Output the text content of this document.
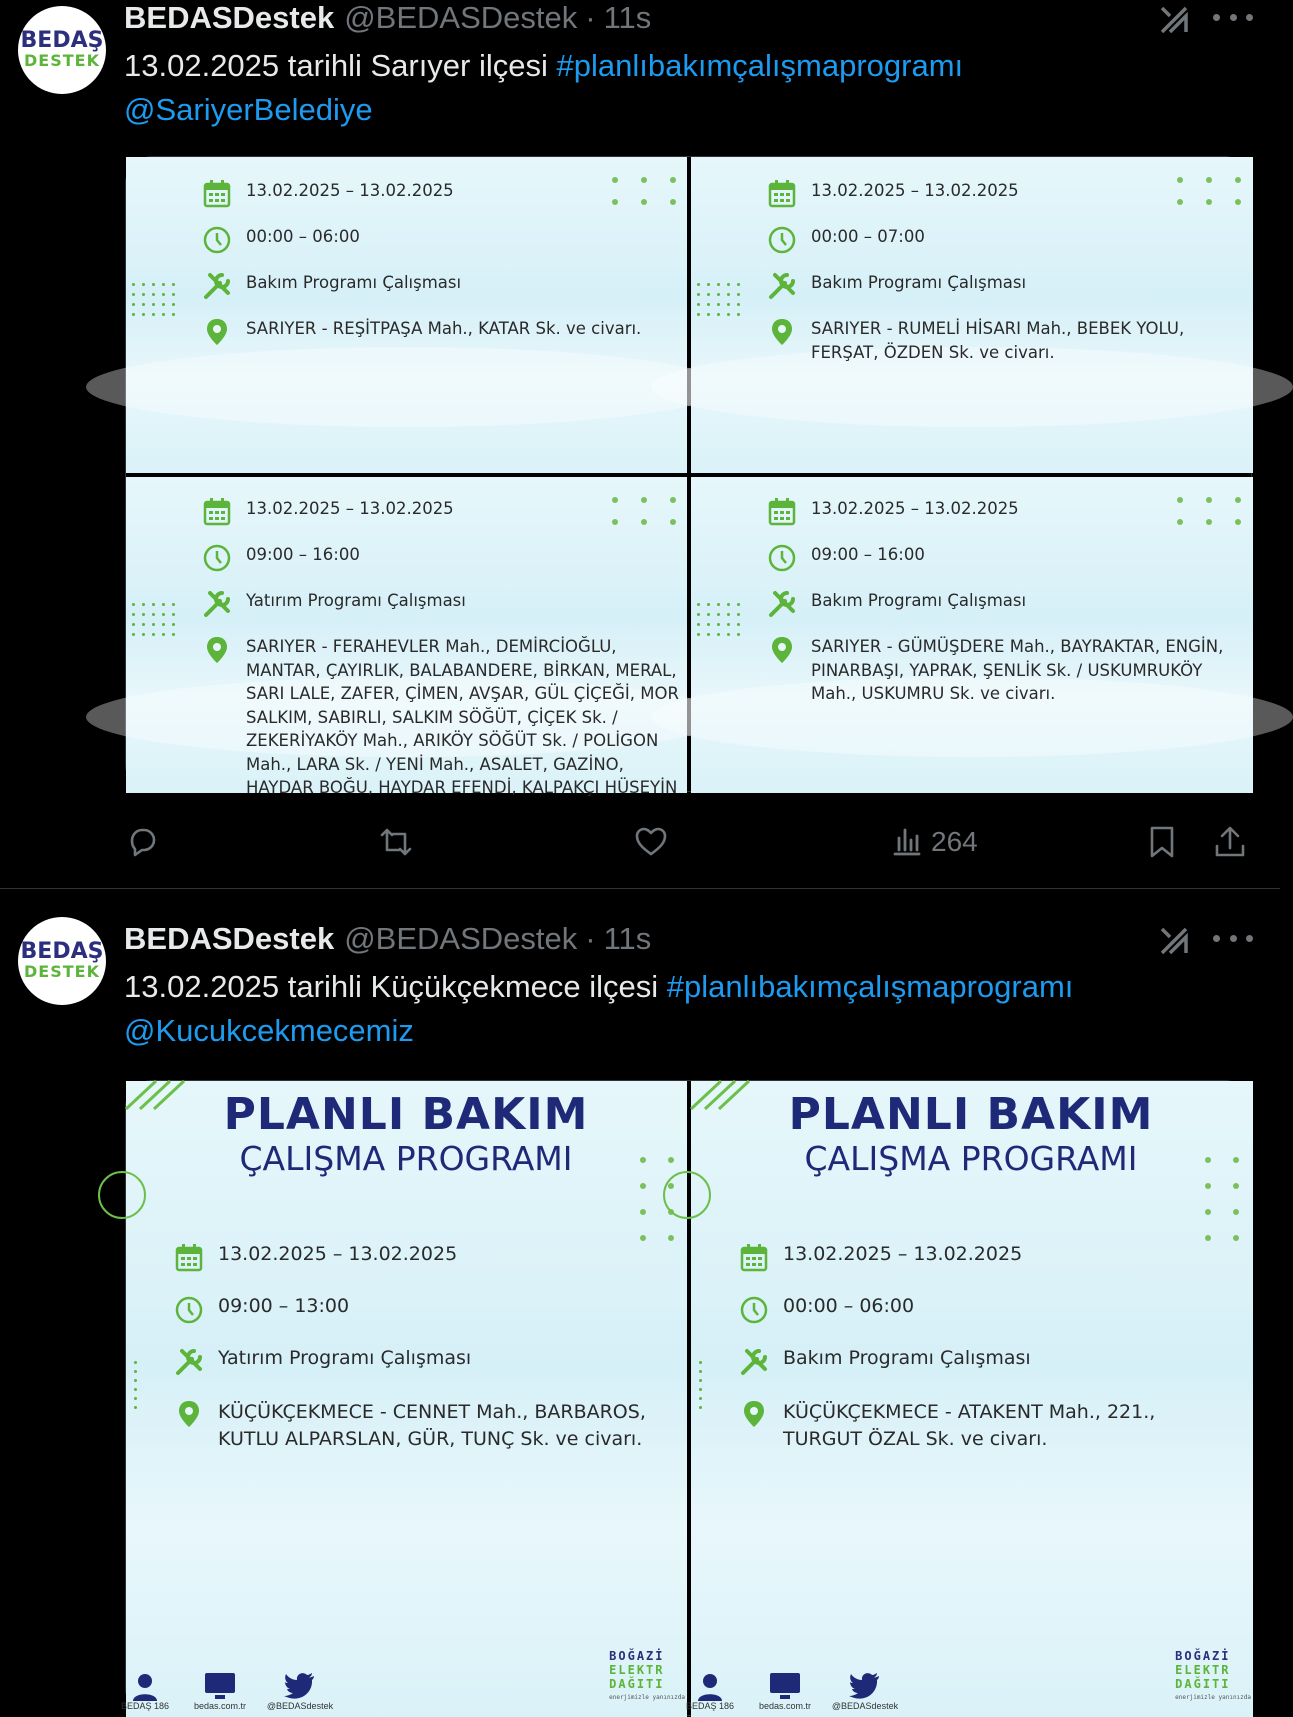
BEDAŞ
DESTEK
BEDASDestek @BEDASDestek · 11s
13.02.2025 tarihli Sarıyer ilçesi #planlıbakımçalışmaprogramı
@SariyerBelediye
13.02.2025 – 13.02.2025
00:00 – 06:00
Bakım Programı Çalışması
SARIYER - REŞİTPAŞA Mah., KATAR Sk. ve civarı.
13.02.2025 – 13.02.2025
00:00 – 07:00
Bakım Programı Çalışması
SARIYER - RUMELİ HİSARI Mah., BEBEK YOLU, FERŞAT, ÖZDEN Sk. ve civarı.
13.02.2025 – 13.02.2025
09:00 – 16:00
Yatırım Programı Çalışması
SARIYER - FERAHEVLER Mah., DEMİRCİOĞLU, MANTAR, ÇAYIRLIK, BALABANDERE, BİRKAN, MERAL, SARI LALE, ZAFER, ÇİMEN, AVŞAR, GÜL ÇİÇEĞİ, MOR SALKIM, SABIRLI, SALKIM SÖĞÜT, ÇİÇEK Sk. / ZEKERİYAKÖY Mah., ARIKÖY SÖĞÜT Sk. / POLİGON Mah., LARA Sk. / YENİ Mah., ASALET, GAZİNO, HAYDAR BOĞU, HAYDAR EFENDİ, KALPAKÇI HÜSEYİN
13.02.2025 – 13.02.2025
09:00 – 16:00
Bakım Programı Çalışması
SARIYER - GÜMÜŞDERE Mah., BAYRAKTAR, ENGİN, PINARBAŞI, YAPRAK, ŞENLİK Sk. / USKUMRUKÖY Mah., USKUMRU Sk. ve civarı.
264
BEDAŞ
DESTEK
BEDASDestek @BEDASDestek · 11s
13.02.2025 tarihli Küçükçekmece ilçesi #planlıbakımçalışmaprogramı
@Kucukcekmecemiz
PLANLI BAKIM
ÇALIŞMA PROGRAMI
13.02.2025 – 13.02.2025
09:00 – 13:00
Yatırım Programı Çalışması
KÜÇÜKÇEKMECE - CENNET Mah., BARBAROS, KUTLU ALPARSLAN, GÜR, TUNÇ Sk. ve civarı.
BEDAŞ 186	bedas.com.tr @BEDASdestek
BOĞAZİ
ELEKTR
DAĞITI
enerjimizle yanınızda
PLANLI BAKIM
ÇALIŞMA PROGRAMI
13.02.2025 – 13.02.2025
00:00 – 06:00
Bakım Programı Çalışması
KÜÇÜKÇEKMECE - ATAKENT Mah., 221., TURGUT ÖZAL Sk. ve civarı.
BEDAŞ 186	bedas.com.tr @BEDASdestek
BOĞAZİ
ELEKTR
DAĞITI
enerjimizle yanınızda
